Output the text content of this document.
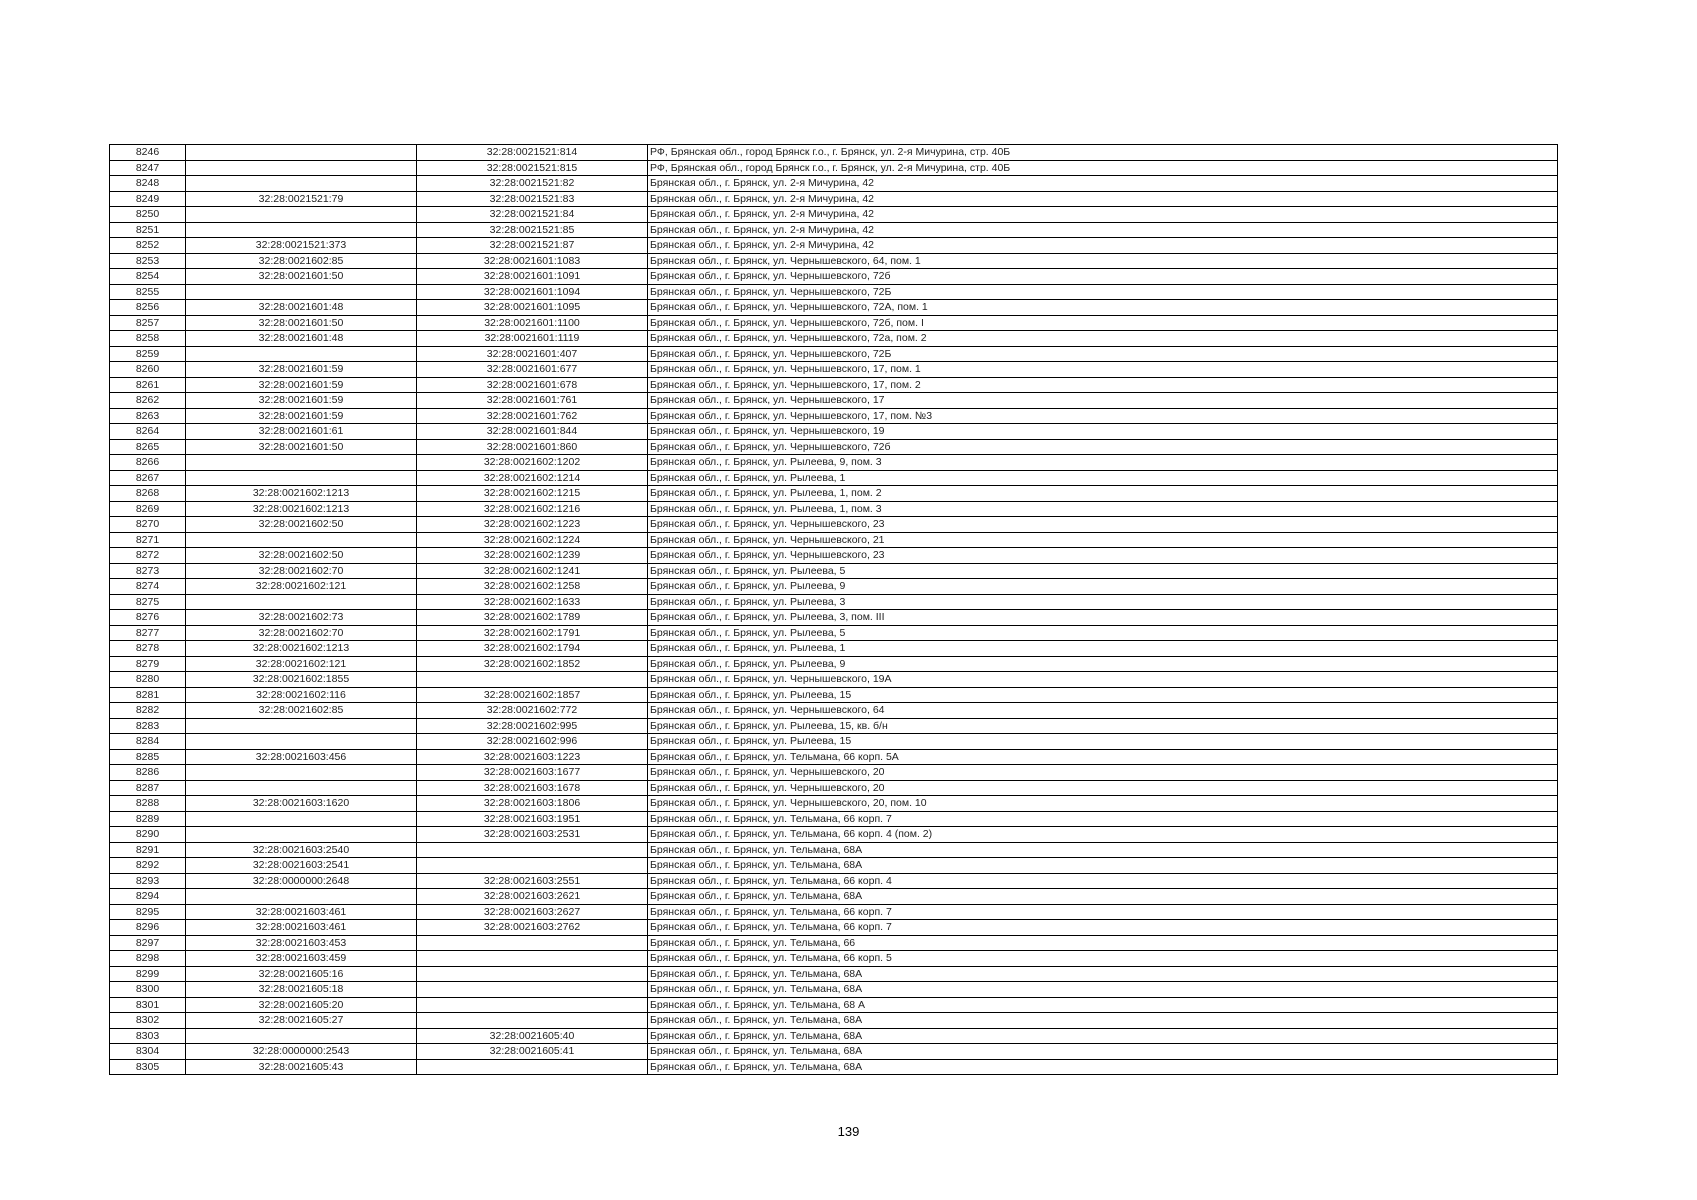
8246		32:28:0021521:814	РФ, Брянская обл., город Брянск г.о., г. Брянск, ул. 2-я Мичурина, стр. 40Б
8247		32:28:0021521:815	РФ, Брянская обл., город Брянск г.о., г. Брянск, ул. 2-я Мичурина, стр. 40Б
8248		32:28:0021521:82	Брянская обл., г. Брянск, ул. 2-я Мичурина, 42
8249	32:28:0021521:79	32:28:0021521:83	Брянская обл., г. Брянск, ул. 2-я Мичурина, 42
8250		32:28:0021521:84	Брянская обл., г. Брянск, ул. 2-я Мичурина, 42
8251		32:28:0021521:85	Брянская обл., г. Брянск, ул. 2-я Мичурина, 42
8252	32:28:0021521:373	32:28:0021521:87	Брянская обл., г. Брянск, ул. 2-я Мичурина, 42
8253	32:28:0021602:85	32:28:0021601:1083	Брянская обл., г. Брянск, ул. Чернышевского, 64, пом. 1
8254	32:28:0021601:50	32:28:0021601:1091	Брянская обл., г. Брянск, ул. Чернышевского, 72б
8255		32:28:0021601:1094	Брянская обл., г. Брянск, ул. Чернышевского, 72Б
8256	32:28:0021601:48	32:28:0021601:1095	Брянская обл., г. Брянск, ул. Чернышевского, 72А, пом. 1
8257	32:28:0021601:50	32:28:0021601:1100	Брянская обл., г. Брянск, ул. Чернышевского, 72б, пом. I
8258	32:28:0021601:48	32:28:0021601:1119	Брянская обл., г. Брянск, ул. Чернышевского, 72а, пом. 2
8259		32:28:0021601:407	Брянская обл., г. Брянск, ул. Чернышевского, 72Б
8260	32:28:0021601:59	32:28:0021601:677	Брянская обл., г. Брянск, ул. Чернышевского, 17, пом. 1
8261	32:28:0021601:59	32:28:0021601:678	Брянская обл., г. Брянск, ул. Чернышевского, 17, пом. 2
8262	32:28:0021601:59	32:28:0021601:761	Брянская обл., г. Брянск, ул. Чернышевского, 17
8263	32:28:0021601:59	32:28:0021601:762	Брянская обл., г. Брянск, ул. Чернышевского, 17, пом. №3
8264	32:28:0021601:61	32:28:0021601:844	Брянская обл., г. Брянск, ул. Чернышевского, 19
8265	32:28:0021601:50	32:28:0021601:860	Брянская обл., г. Брянск, ул. Чернышевского, 72б
8266		32:28:0021602:1202	Брянская обл., г. Брянск, ул. Рылеева, 9, пом. 3
8267		32:28:0021602:1214	Брянская обл., г. Брянск, ул. Рылеева, 1
8268	32:28:0021602:1213	32:28:0021602:1215	Брянская обл., г. Брянск, ул. Рылеева, 1, пом. 2
8269	32:28:0021602:1213	32:28:0021602:1216	Брянская обл., г. Брянск, ул. Рылеева, 1, пом. 3
8270	32:28:0021602:50	32:28:0021602:1223	Брянская обл., г. Брянск, ул. Чернышевского, 23
8271		32:28:0021602:1224	Брянская обл., г. Брянск, ул. Чернышевского, 21
8272	32:28:0021602:50	32:28:0021602:1239	Брянская обл., г. Брянск, ул. Чернышевского, 23
8273	32:28:0021602:70	32:28:0021602:1241	Брянская обл., г. Брянск, ул. Рылеева, 5
8274	32:28:0021602:121	32:28:0021602:1258	Брянская обл., г. Брянск, ул. Рылеева, 9
8275		32:28:0021602:1633	Брянская обл., г. Брянск, ул. Рылеева, 3
8276	32:28:0021602:73	32:28:0021602:1789	Брянская обл., г. Брянск, ул. Рылеева, 3, пом. III
8277	32:28:0021602:70	32:28:0021602:1791	Брянская обл., г. Брянск, ул. Рылеева, 5
8278	32:28:0021602:1213	32:28:0021602:1794	Брянская обл., г. Брянск, ул. Рылеева, 1
8279	32:28:0021602:121	32:28:0021602:1852	Брянская обл., г. Брянск, ул. Рылеева, 9
8280	32:28:0021602:1855		Брянская обл., г. Брянск, ул. Чернышевского, 19А
8281	32:28:0021602:116	32:28:0021602:1857	Брянская обл., г. Брянск, ул. Рылеева, 15
8282	32:28:0021602:85	32:28:0021602:772	Брянская обл., г. Брянск, ул. Чернышевского, 64
8283		32:28:0021602:995	Брянская обл., г. Брянск, ул. Рылеева, 15, кв. б/н
8284		32:28:0021602:996	Брянская обл., г. Брянск, ул. Рылеева, 15
8285	32:28:0021603:456	32:28:0021603:1223	Брянская обл., г. Брянск, ул. Тельмана, 66 корп. 5А
8286		32:28:0021603:1677	Брянская обл., г. Брянск, ул. Чернышевского, 20
8287		32:28:0021603:1678	Брянская обл., г. Брянск, ул. Чернышевского, 20
8288	32:28:0021603:1620	32:28:0021603:1806	Брянская обл., г. Брянск, ул. Чернышевского, 20, пом. 10
8289		32:28:0021603:1951	Брянская обл., г. Брянск, ул. Тельмана, 66 корп. 7
8290		32:28:0021603:2531	Брянская обл., г. Брянск, ул. Тельмана, 66 корп. 4 (пом. 2)
8291	32:28:0021603:2540		Брянская обл., г. Брянск, ул. Тельмана, 68А
8292	32:28:0021603:2541		Брянская обл., г. Брянск, ул. Тельмана, 68А
8293	32:28:0000000:2648	32:28:0021603:2551	Брянская обл., г. Брянск, ул. Тельмана, 66 корп. 4
8294		32:28:0021603:2621	Брянская обл., г. Брянск, ул. Тельмана, 68А
8295	32:28:0021603:461	32:28:0021603:2627	Брянская обл., г. Брянск, ул. Тельмана, 66 корп. 7
8296	32:28:0021603:461	32:28:0021603:2762	Брянская обл., г. Брянск, ул. Тельмана, 66 корп. 7
8297	32:28:0021603:453		Брянская обл., г. Брянск, ул. Тельмана, 66
8298	32:28:0021603:459		Брянская обл., г. Брянск, ул. Тельмана, 66 корп. 5
8299	32:28:0021605:16		Брянская обл., г. Брянск, ул. Тельмана, 68А
8300	32:28:0021605:18		Брянская обл., г. Брянск, ул. Тельмана, 68А
8301	32:28:0021605:20		Брянская обл., г. Брянск, ул. Тельмана, 68 А
8302	32:28:0021605:27		Брянская обл., г. Брянск, ул. Тельмана, 68А
8303		32:28:0021605:40	Брянская обл., г. Брянск, ул. Тельмана, 68А
8304	32:28:0000000:2543	32:28:0021605:41	Брянская обл., г. Брянск, ул. Тельмана, 68А
8305	32:28:0021605:43		Брянская обл., г. Брянск, ул. Тельмана, 68А
139
